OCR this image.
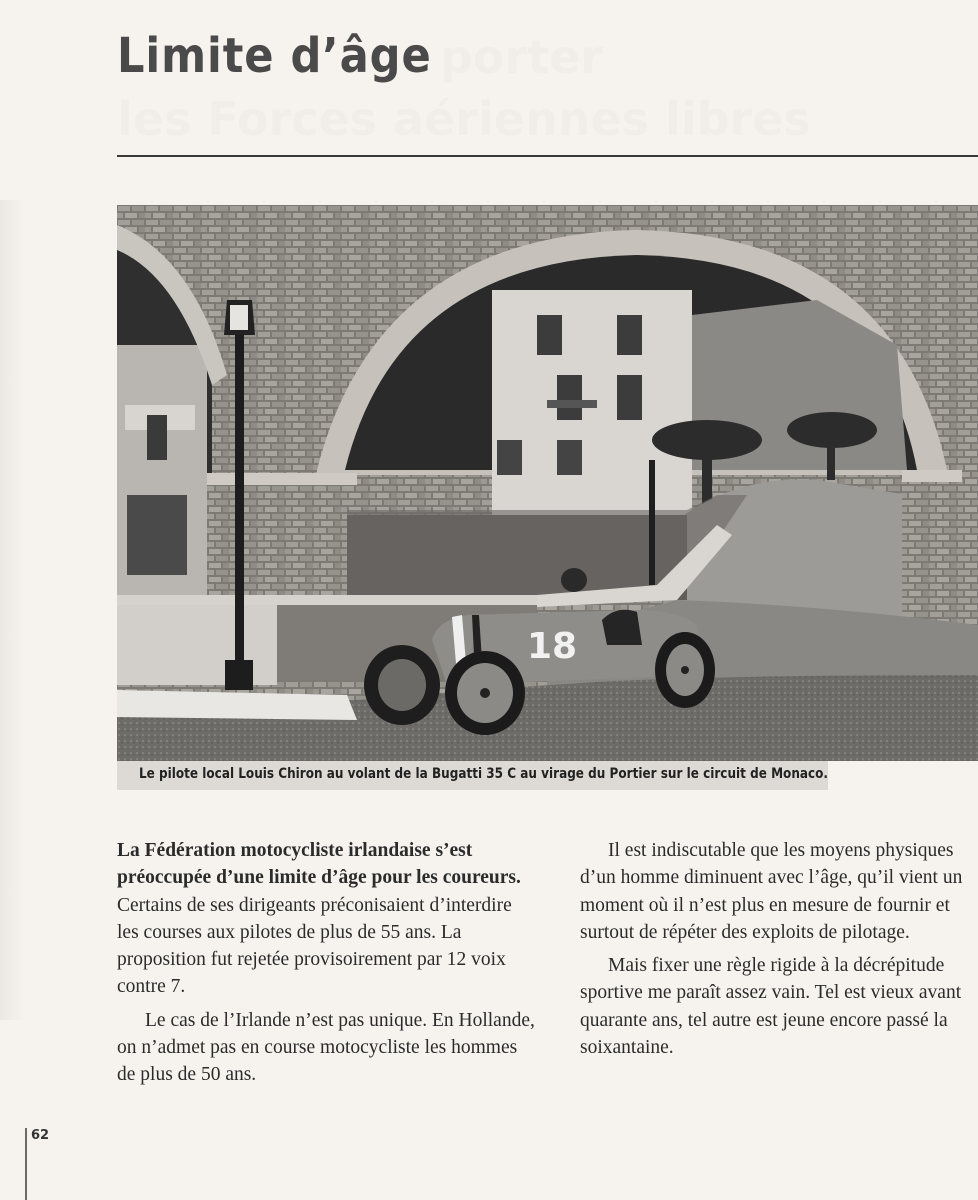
porter
les Forces aériennes libres
Limite d’âge
18
Le pilote local Louis Chiron au volant de la Bugatti 35 C au virage du Portier sur le circuit de Monaco.

La Fédération motocycliste irlandaise s’est préoccupée d’une limite d’âge pour les coureurs. Certains de ses dirigeants préconisaient d’interdire les courses aux pilotes de plus de 55 ans. La proposition fut rejetée provisoirement par 12 voix contre 7.

Le cas de l’Irlande n’est pas unique. En Hollande, on n’admet pas en course motocycliste les hommes de plus de 50 ans.

Il est indiscutable que les moyens physiques d’un homme diminuent avec l’âge, qu’il vient un moment où il n’est plus en mesure de fournir et surtout de répéter des exploits de pilotage.

Mais fixer une règle rigide à la décrépitude sportive me paraît assez vain. Tel est vieux avant quarante ans, tel autre est jeune encore passé la soixantaine.

62
